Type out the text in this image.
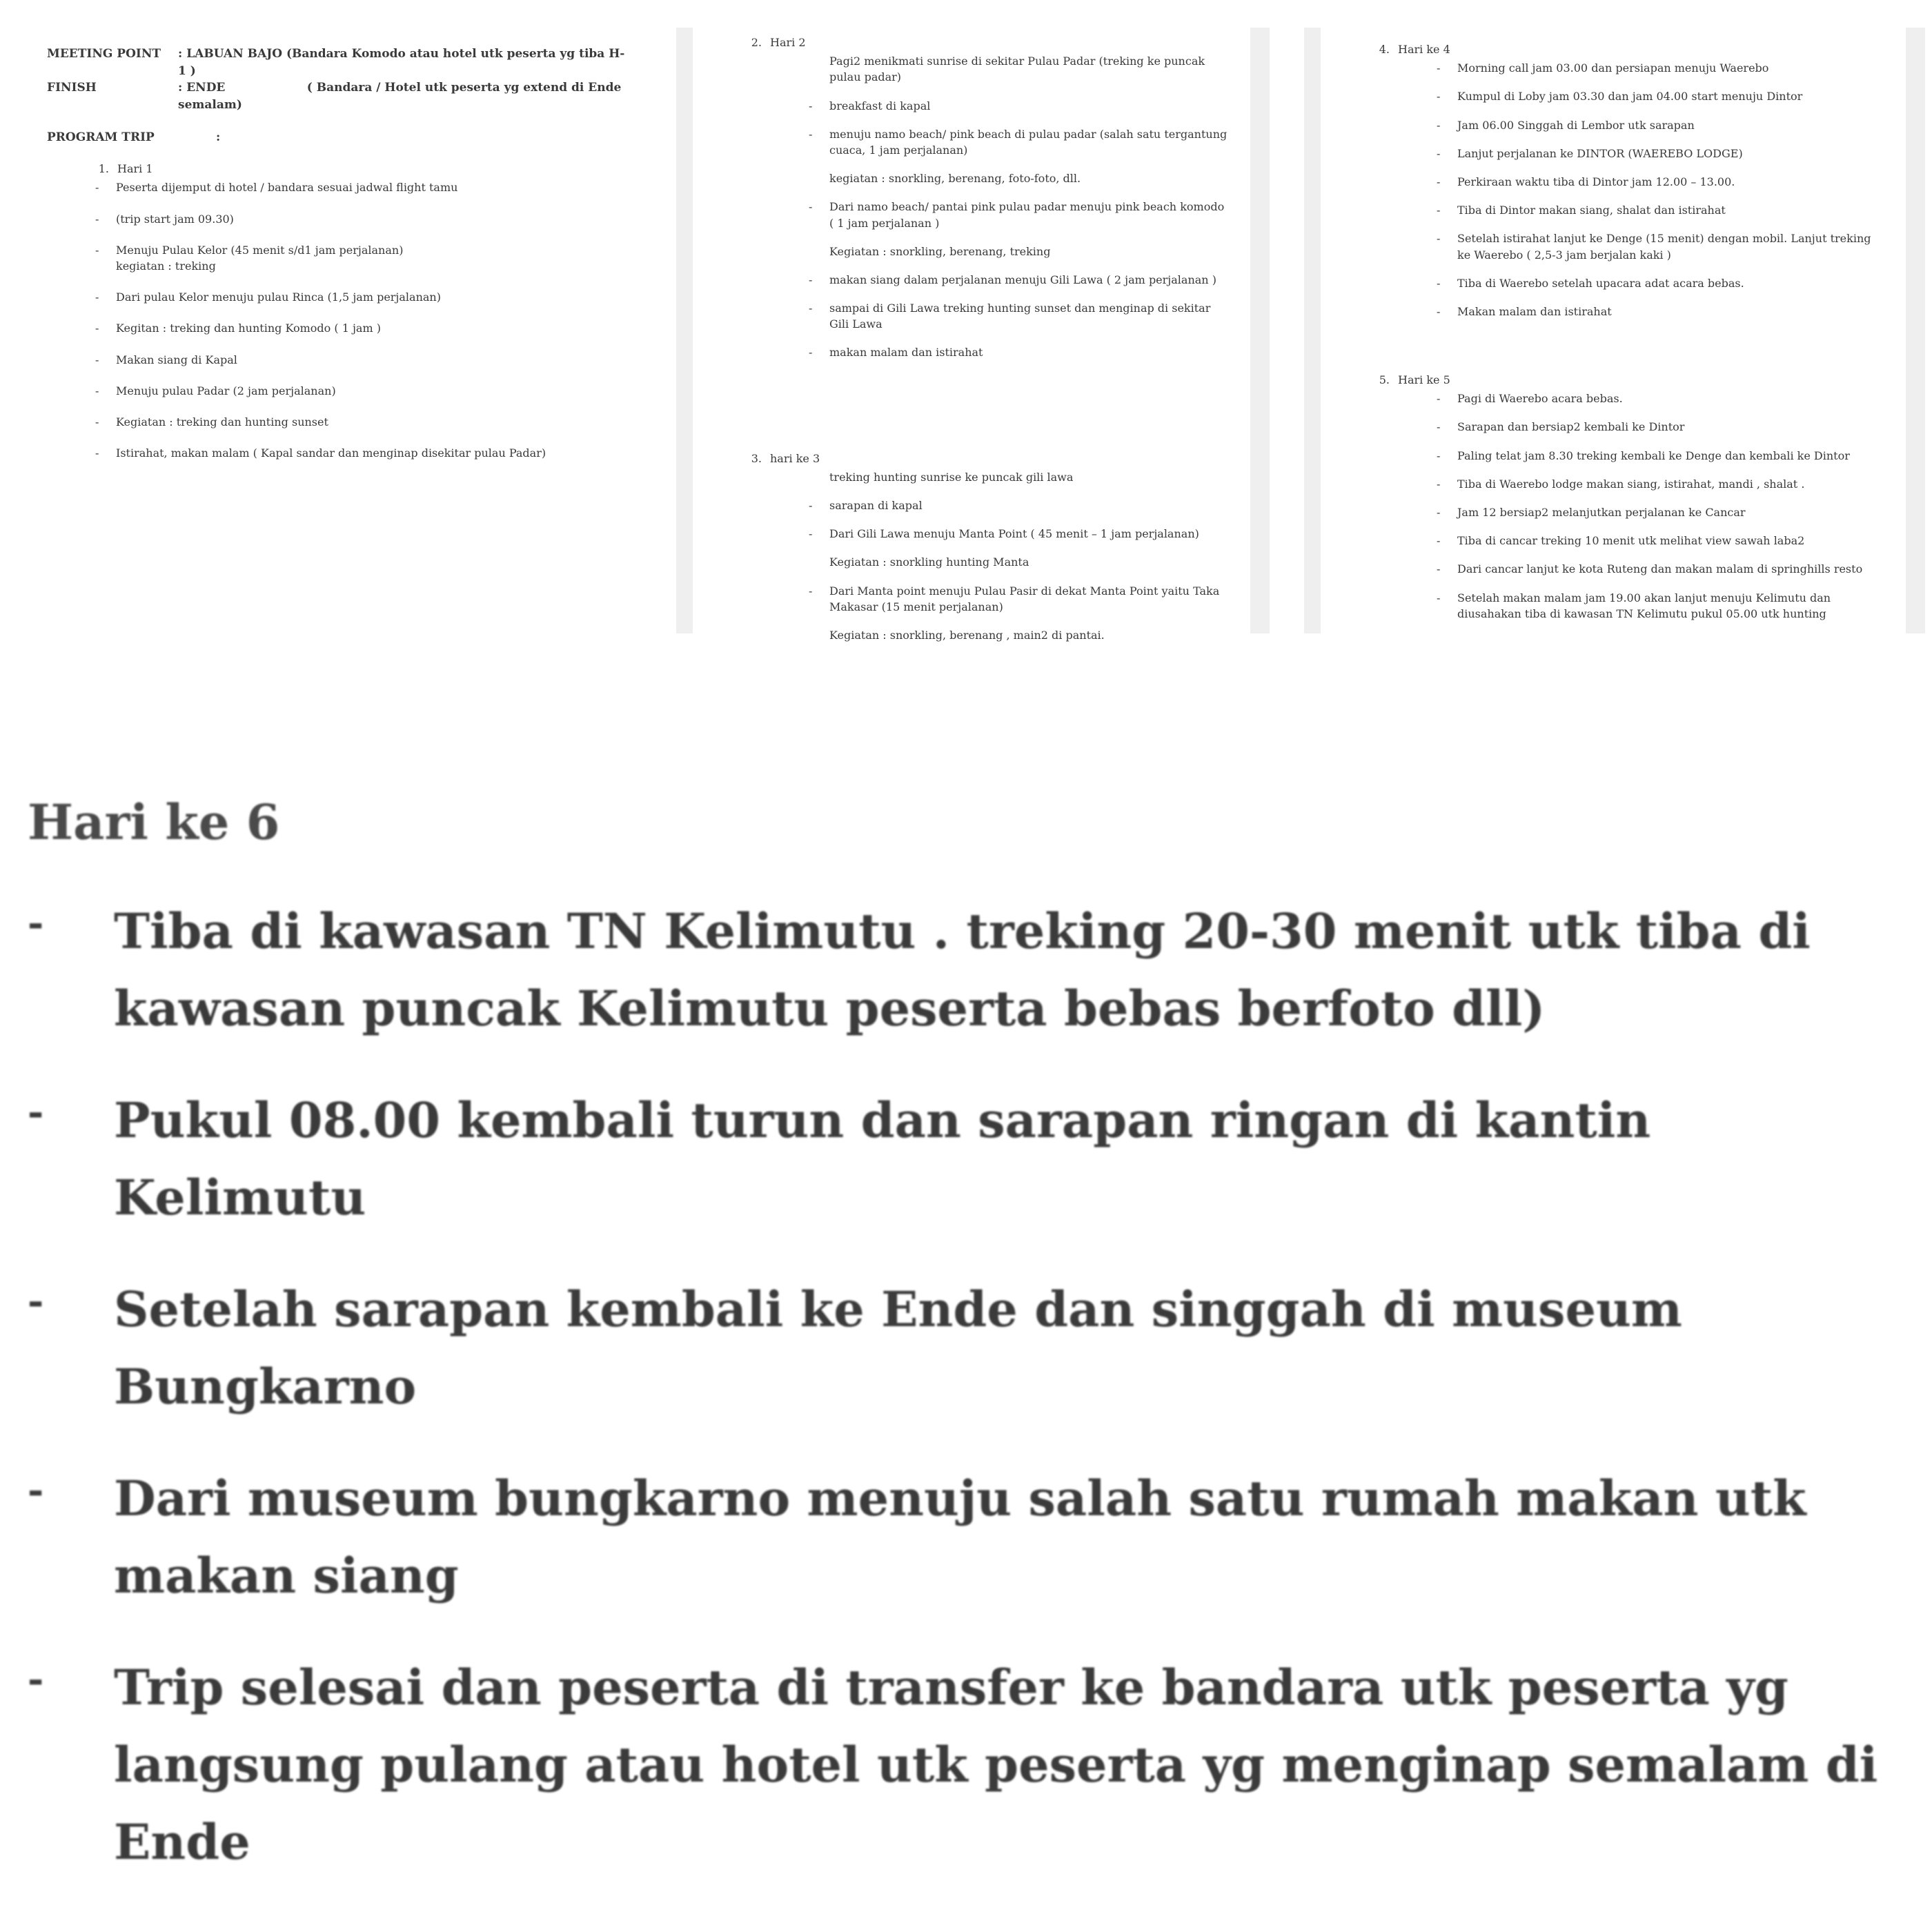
MEETING POINT	: LABUAN BAJO (Bandara Komodo atau hotel utk peserta yg tiba H-1 )
FINISH	: ENDE                    ( Bandara / Hotel utk peserta yg extend di Ende semalam)
PROGRAM TRIP	:
1. Hari 1
-	Peserta dijemput di hotel / bandara sesuai jadwal flight tamu
-	(trip start jam 09.30)
-	Menuju Pulau Kelor (45 menit s/d1 jam perjalanan)
kegiatan : treking
-	Dari pulau Kelor menuju pulau Rinca (1,5 jam perjalanan)
-	Kegitan : treking dan hunting Komodo ( 1 jam )
-	Makan siang di Kapal
-	Menuju pulau Padar (2 jam perjalanan)
-	Kegiatan : treking dan hunting sunset
-	Istirahat, makan malam ( Kapal sandar dan menginap disekitar pulau Padar)
2. Hari 2
Pagi2 menikmati sunrise di sekitar Pulau Padar (treking ke puncak pulau padar)
-	breakfast di kapal
-	menuju namo beach/ pink beach di pulau padar (salah satu tergantung cuaca, 1 jam perjalanan)
kegiatan : snorkling, berenang, foto-foto, dll.
-	Dari namo beach/ pantai pink pulau padar menuju pink beach komodo ( 1 jam perjalanan )
Kegiatan : snorkling, berenang, treking
-	makan siang dalam perjalanan menuju Gili Lawa ( 2 jam perjalanan )
-	sampai di Gili Lawa treking hunting sunset dan menginap di sekitar Gili Lawa
-	makan malam dan istirahat
3. hari ke 3
treking hunting sunrise ke puncak gili lawa
-	sarapan di kapal
-	Dari Gili Lawa menuju Manta Point ( 45 menit – 1 jam perjalanan)
Kegiatan : snorkling hunting Manta
-	Dari Manta point menuju Pulau Pasir di dekat Manta Point yaitu Taka Makasar (15 menit perjalanan)
Kegiatan : snorkling, berenang , main2 di pantai.
4. Hari ke 4
-	Morning call jam 03.00 dan persiapan menuju Waerebo
-	Kumpul di Loby jam 03.30 dan jam 04.00 start menuju Dintor
-	Jam 06.00 Singgah di Lembor utk sarapan
-	Lanjut perjalanan ke DINTOR (WAEREBO LODGE)
-	Perkiraan waktu tiba di Dintor jam 12.00 – 13.00.
-	Tiba di Dintor makan siang, shalat dan istirahat
-	Setelah istirahat lanjut ke Denge (15 menit) dengan mobil. Lanjut treking ke Waerebo ( 2,5-3 jam berjalan kaki )
-	Tiba di Waerebo setelah upacara adat acara bebas.
-	Makan malam dan istirahat
5. Hari ke 5
-	Pagi di Waerebo acara bebas.
-	Sarapan dan bersiap2 kembali ke Dintor
-	Paling telat jam 8.30 treking kembali ke Denge dan kembali ke Dintor
-	Tiba di Waerebo lodge makan siang, istirahat, mandi , shalat .
-	Jam 12 bersiap2 melanjutkan perjalanan ke Cancar
-	Tiba di cancar treking 10 menit utk melihat view sawah laba2
-	Dari cancar lanjut ke kota Ruteng dan makan malam di springhills resto
-	Setelah makan malam jam 19.00 akan lanjut menuju Kelimutu dan diusahakan tiba di kawasan TN Kelimutu pukul 05.00 utk hunting
Hari ke 6
-	Tiba di kawasan TN Kelimutu . treking 20-30 menit utk tiba di kawasan puncak Kelimutu peserta bebas berfoto dll)
-	Pukul 08.00 kembali turun dan sarapan ringan di kantin Kelimutu
-	Setelah sarapan kembali ke Ende dan singgah di museum Bungkarno
-	Dari museum bungkarno menuju salah satu rumah makan utk makan siang
-	Trip selesai dan peserta di transfer ke bandara utk peserta yg langsung pulang atau hotel utk peserta yg menginap semalam di Ende
